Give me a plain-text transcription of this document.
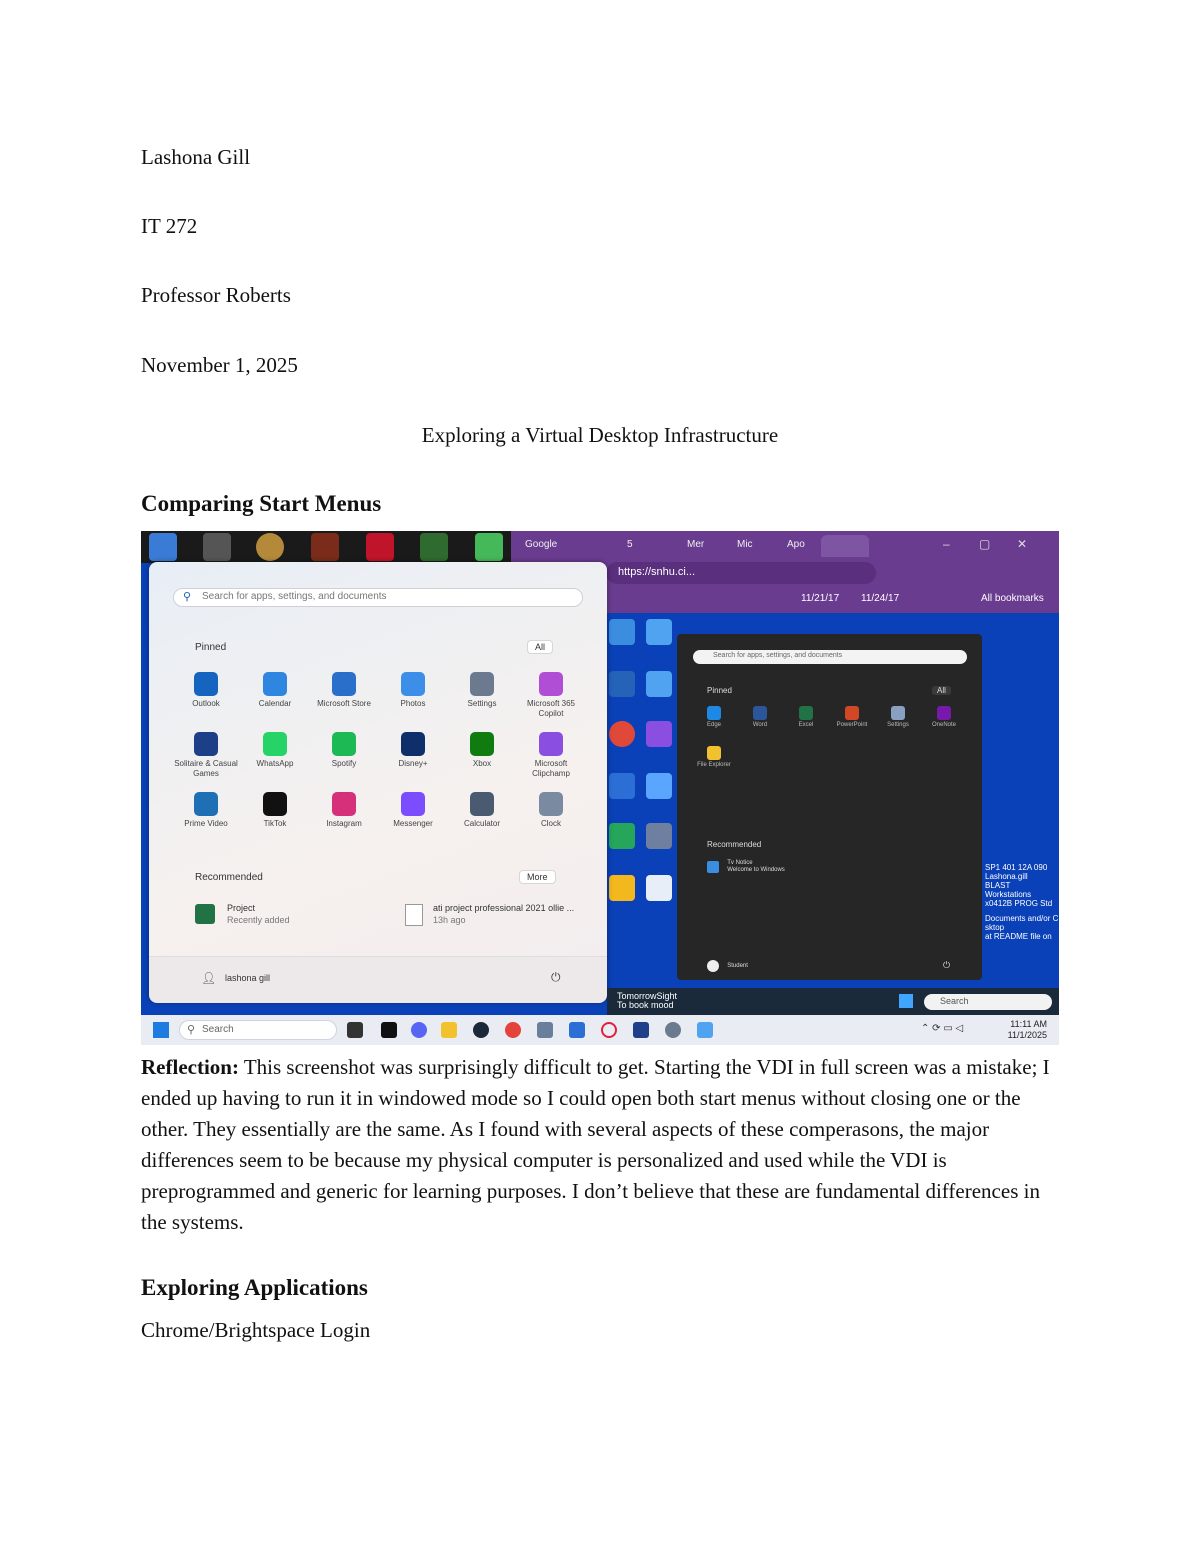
Lashona Gill
IT 272
Professor Roberts
November 1, 2025
Exploring a Virtual Desktop Infrastructure
Comparing Start Menus
Google	5	Mer	Mic	Apo	– ▢ ✕
https://snhu.ci...
11/21/17 11/24/17	All bookmarks
SP1 401 12A 090
Lashona.gill
BLAST
Workstations
x0412B PROG Std
Documents and/or C
sktop
at README file on
⚲ Search for apps, settings, and documents
Pinned	All
Outlook	Calendar	Microsoft Store	Photos	Settings	Microsoft 365 Copilot
Solitaire & Casual Games
WhatsApp	Spotify	Disney+	Xbox	Microsoft Clipchamp
Prime Video	TikTok	Instagram	Messenger	Calculator	Clock
Recommended	More
Project
Recently added
ati project professional 2021 ollie ...
13h ago
👤︎ lashona gill	⏻
Search for apps, settings, and documents
Pinned	All
Edge	Word	Excel	PowerPoint	Settings	OneNote
File Explorer
Recommended
Tv Notice
Welcome to Windows
Student	⏻
TomorrowSight
To book mood	Search
⚲ Search	⌃ ⟳ ▭ ◁	11:11 AM
11/1/2025
Reflection: This screenshot was surprisingly difficult to get. Starting the VDI in full screen was a mistake; I ended up having to run it in windowed mode so I could open both start menus without closing one or the other. They essentially are the same. As I found with several aspects of these comperasons, the major differences seem to be because my physical computer is personalized and used while the VDI is preprogrammed and generic for learning purposes. I don’t believe that these are fundamental differences in the systems.
Exploring Applications
Chrome/Brightspace Login
